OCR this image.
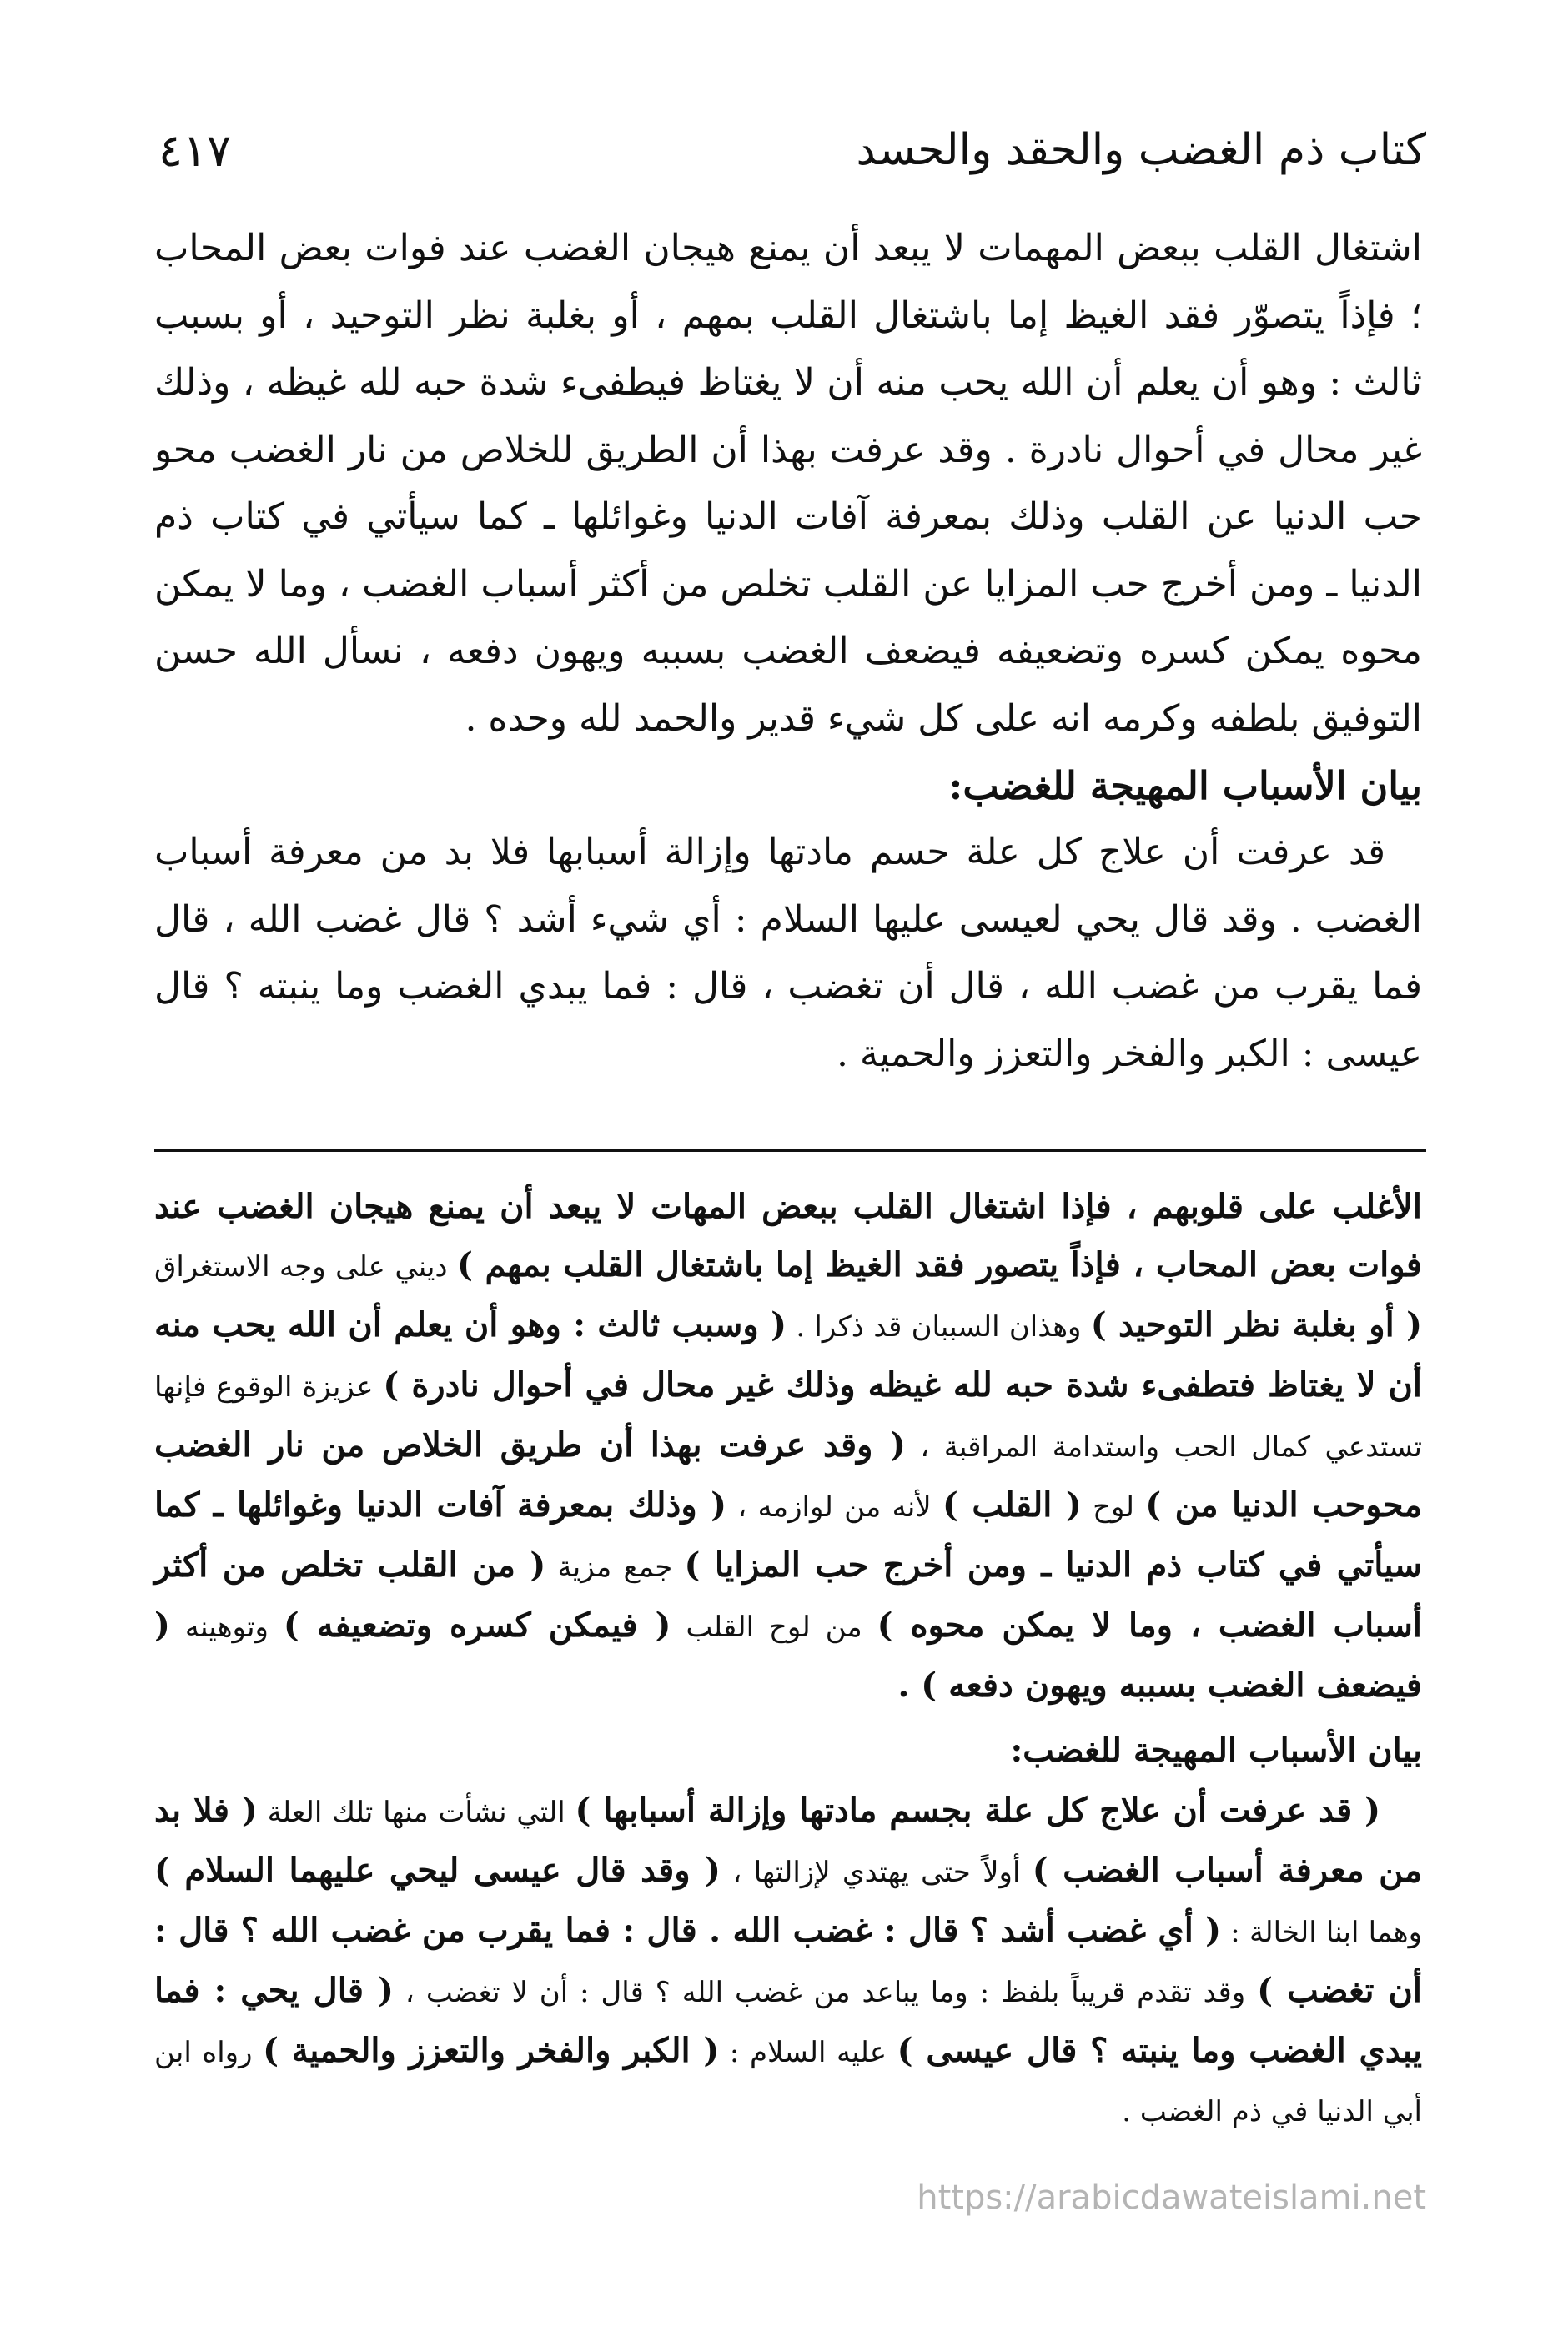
كتاب ذم الغضب والحقد والحسد
٤١٧

اشتغال القلب ببعض المهمات لا يبعد أن يمنع هيجان الغضب عند فوات بعض المحاب ؛ فإذاً يتصوّر فقد الغيظ إما باشتغال القلب بمهم ، أو بغلبة نظر التوحيد ، أو بسبب ثالث : وهو أن يعلم أن الله يحب منه أن لا يغتاظ فيطفىء شدة حبه لله غيظه ، وذلك غير محال في أحوال نادرة . وقد عرفت بهذا أن الطريق للخلاص من نار الغضب محو حب الدنيا عن القلب وذلك بمعرفة آفات الدنيا وغوائلها ـ كما سيأتي في كتاب ذم الدنيا ـ ومن أخرج حب المزايا عن القلب تخلص من أكثر أسباب الغضب ، وما لا يمكن محوه يمكن كسره وتضعيفه فيضعف الغضب بسببه ويهون دفعه ، نسأل الله حسن التوفيق بلطفه وكرمه انه على كل شيء قدير والحمد لله وحده .

بيان الأسباب المهيجة للغضب:

قد عرفت أن علاج كل علة حسم مادتها وإزالة أسبابها فلا بد من معرفة أسباب الغضب . وقد قال يحي لعيسى عليها السلام : أي شيء أشد ؟ قال غضب الله ، قال فما يقرب من غضب الله ، قال أن تغضب ، قال : فما يبدي الغضب وما ينبته ؟ قال عيسى : الكبر والفخر والتعزز والحمية .

الأغلب على قلوبهم ، فإذا اشتغال القلب ببعض المهات لا يبعد أن يمنع هيجان الغضب عند فوات بعض المحاب ، فإذاً يتصور فقد الغيظ إما باشتغال القلب بمهم ) ديني على وجه الاستغراق ( أو بغلبة نظر التوحيد ) وهذان السببان قد ذكرا . ( وسبب ثالث : وهو أن يعلم أن الله يحب منه أن لا يغتاظ فتطفىء شدة حبه لله غيظه وذلك غير محال في أحوال نادرة ) عزيزة الوقوع فإنها تستدعي كمال الحب واستدامة المراقبة ، ( وقد عرفت بهذا أن طريق الخلاص من نار الغضب محوحب الدنيا من ) لوح ( القلب ) لأنه من لوازمه ، ( وذلك بمعرفة آفات الدنيا وغوائلها ـ كما سيأتي في كتاب ذم الدنيا ـ ومن أخرج حب المزايا ) جمع مزية ( من القلب تخلص من أكثر أسباب الغضب ، وما لا يمكن محوه ) من لوح القلب ( فيمكن كسره وتضعيفه ) وتوهينه ( فيضعف الغضب بسببه ويهون دفعه ) .

بيان الأسباب المهيجة للغضب:

( قد عرفت أن علاج كل علة بجسم مادتها وإزالة أسبابها ) التي نشأت منها تلك العلة ( فلا بد من معرفة أسباب الغضب ) أولاً حتى يهتدي لإزالتها ، ( وقد قال عيسى ليحي عليهما السلام ) وهما ابنا الخالة : ( أي غضب أشد ؟ قال : غضب الله . قال : فما يقرب من غضب الله ؟ قال : أن تغضب ) وقد تقدم قريباً بلفظ : وما يباعد من غضب الله ؟ قال : أن لا تغضب ، ( قال يحي : فما يبدي الغضب وما ينبته ؟ قال عيسى ) عليه السلام : ( الكبر والفخر والتعزز والحمية ) رواه ابن أبي الدنيا في ذم الغضب .

https://arabicdawateislami.net
